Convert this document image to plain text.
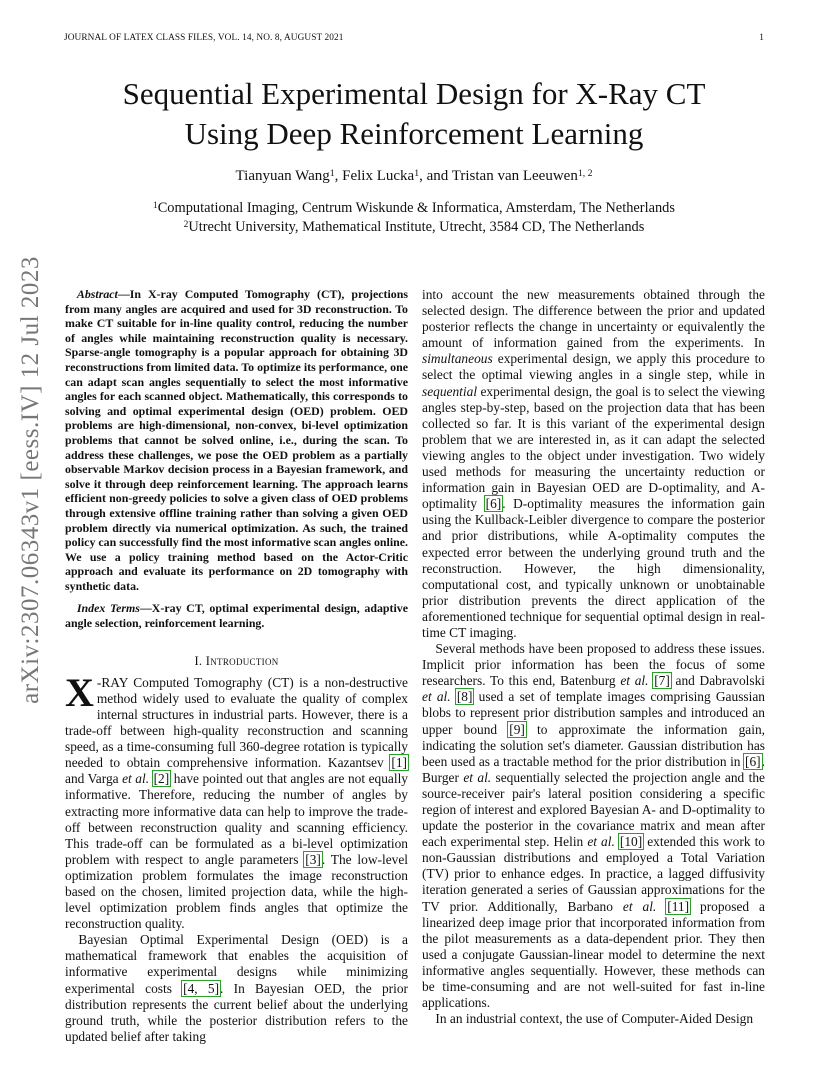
JOURNAL OF LATEX CLASS FILES, VOL. 14, NO. 8, AUGUST 2021	1
arXiv:2307.06343v1 [eess.IV] 12 Jul 2023
Sequential Experimental Design for X-Ray CT
Using Deep Reinforcement Learning
Tianyuan Wang$^1$, Felix Lucka$^1$, and Tristan van Leeuwen$^{1, 2}$
$^1$Computational Imaging, Centrum Wiskunde & Informatica, Amsterdam, The Netherlands
$^2$Utrecht University, Mathematical Institute, Utrecht, 3584 CD, The Netherlands

Abstract—In X-ray Computed Tomography (CT), projections from many angles are acquired and used for 3D reconstruction. To make CT suitable for in-line quality control, reducing the number of angles while maintaining reconstruction quality is necessary. Sparse-angle tomography is a popular approach for obtaining 3D reconstructions from limited data. To optimize its performance, one can adapt scan angles sequentially to select the most informative angles for each scanned object. Mathematically, this corresponds to solving and optimal experimental design (OED) problem. OED problems are high-dimensional, non-convex, bi-level optimization problems that cannot be solved online, i.e., during the scan. To address these challenges, we pose the OED problem as a partially observable Markov decision process in a Bayesian framework, and solve it through deep reinforcement learning. The approach learns efficient non-greedy policies to solve a given class of OED problems through extensive offline training rather than solving a given OED problem directly via numerical optimization. As such, the trained policy can successfully find the most informative scan angles online. We use a policy training method based on the Actor-Critic approach and evaluate its performance on 2D tomography with synthetic data.

Index Terms—X-ray CT, optimal experimental design, adaptive angle selection, reinforcement learning.

I. Introduction

X -RAY Computed Tomography (CT) is a non-destructive method widely used to evaluate the quality of complex internal structures in industrial parts. However, there is a trade-off between high-quality reconstruction and scanning speed, as a time-consuming full 360-degree rotation is typically needed to obtain comprehensive information. Kazantsev [1] and Varga et al. [2] have pointed out that angles are not equally informative. Therefore, reducing the number of angles by extracting more informative data can help to improve the trade-off between reconstruction quality and scanning efficiency. This trade-off can be formulated as a bi-level optimization problem with respect to angle parameters [3]. The low-level optimization problem formulates the image reconstruction based on the chosen, limited projection data, while the high-level optimization problem finds angles that optimize the reconstruction quality.

Bayesian Optimal Experimental Design (OED) is a mathematical framework that enables the acquisition of informative experimental designs while minimizing experimental costs [4, 5]. In Bayesian OED, the prior distribution represents the current belief about the underlying ground truth, while the posterior distribution refers to the updated belief after taking

into account the new measurements obtained through the selected design. The difference between the prior and updated posterior reflects the change in uncertainty or equivalently the amount of information gained from the experiments. In simultaneous experimental design, we apply this procedure to select the optimal viewing angles in a single step, while in sequential experimental design, the goal is to select the viewing angles step-by-step, based on the projection data that has been collected so far. It is this variant of the experimental design problem that we are interested in, as it can adapt the selected viewing angles to the object under investigation. Two widely used methods for measuring the uncertainty reduction or information gain in Bayesian OED are D-optimality, and A-optimality [6]. D-optimality measures the information gain using the Kullback-Leibler divergence to compare the posterior and prior distributions, while A-optimality computes the expected error between the underlying ground truth and the reconstruction. However, the high dimensionality, computational cost, and typically unknown or unobtainable prior distribution prevents the direct application of the aforementioned technique for sequential optimal design in real-time CT imaging.

Several methods have been proposed to address these issues. Implicit prior information has been the focus of some researchers. To this end, Batenburg et al. [7] and Dabravolski et al. [8] used a set of template images comprising Gaussian blobs to represent prior distribution samples and introduced an upper bound [9] to approximate the information gain, indicating the solution set's diameter. Gaussian distribution has been used as a tractable method for the prior distribution in [6]. Burger et al. sequentially selected the projection angle and the source-receiver pair's lateral position considering a specific region of interest and explored Bayesian A- and D-optimality to update the posterior in the covariance matrix and mean after each experimental step. Helin et al. [10] extended this work to non-Gaussian distributions and employed a Total Variation (TV) prior to enhance edges. In practice, a lagged diffusivity iteration generated a series of Gaussian approximations for the TV prior. Additionally, Barbano et al. [11] proposed a linearized deep image prior that incorporated information from the pilot measurements as a data-dependent prior. They then used a conjugate Gaussian-linear model to determine the next informative angles sequentially. However, these methods can be time-consuming and are not well-suited for fast in-line applications.

In an industrial context, the use of Computer-Aided Design
